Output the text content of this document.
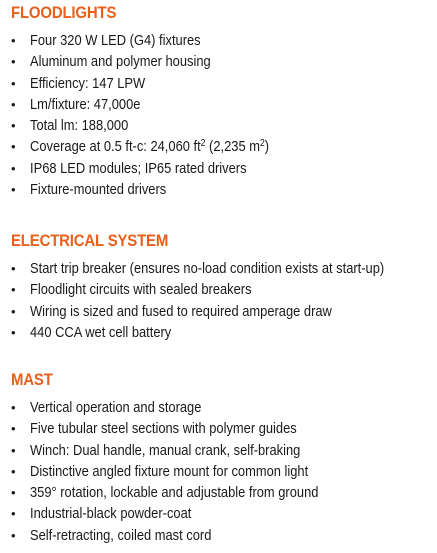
FLOODLIGHTS
• Four 320 W LED (G4) fixtures
• Aluminum and polymer housing
• Efficiency: 147 LPW
• Lm/fixture: 47,000e
• Total lm: 188,000
• Coverage at 0.5 ft-c: 24,060 $ft^2$ (2,235 $m^2$)
• IP68 LED modules; IP65 rated drivers
• Fixture-mounted drivers
ELECTRICAL SYSTEM
• Start trip breaker (ensures no-load condition exists at start-up)
• Floodlight circuits with sealed breakers
• Wiring is sized and fused to required amperage draw
• 440 CCA wet cell battery
MAST
• Vertical operation and storage
• Five tubular steel sections with polymer guides
• Winch: Dual handle, manual crank, self-braking
• Distinctive angled fixture mount for common light
• 359° rotation, lockable and adjustable from ground
• Industrial-black powder-coat
• Self-retracting, coiled mast cord
